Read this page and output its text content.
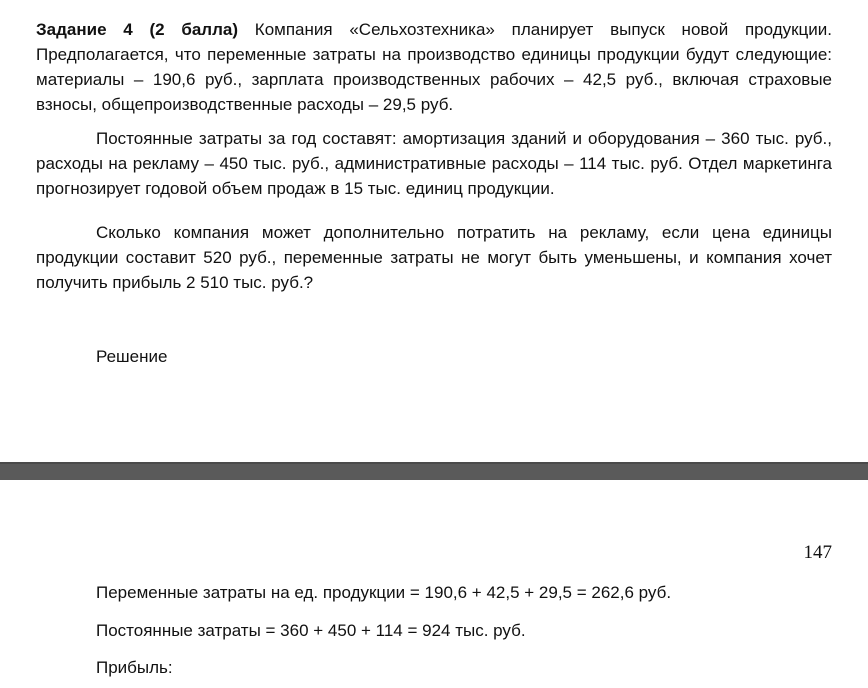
Задание 4 (2 балла) Компания «Сельхозтехника» планирует выпуск новой продукции. Предполагается, что переменные затраты на производство единицы продукции будут следующие: материалы – 190,6 руб., зарплата производственных рабочих – 42,5 руб., включая страховые взносы, общепроизводственные расходы – 29,5 руб.

Постоянные затраты за год составят: амортизация зданий и оборудования – 360 тыс. руб., расходы на рекламу – 450 тыс. руб., административные расходы – 114 тыс. руб. Отдел маркетинга прогнозирует годовой объем продаж в 15 тыс. единиц продукции.

Сколько компания может дополнительно потратить на рекламу, если цена единицы продукции составит 520 руб., переменные затраты не могут быть уменьшены, и компания хочет получить прибыль 2 510 тыс. руб.?

Решение

147

Переменные затраты на ед. продукции = 190,6 + 42,5 + 29,5 = 262,6 руб.

Постоянные затраты = 360 + 450 + 114 = 924 тыс. руб.

Прибыль:
